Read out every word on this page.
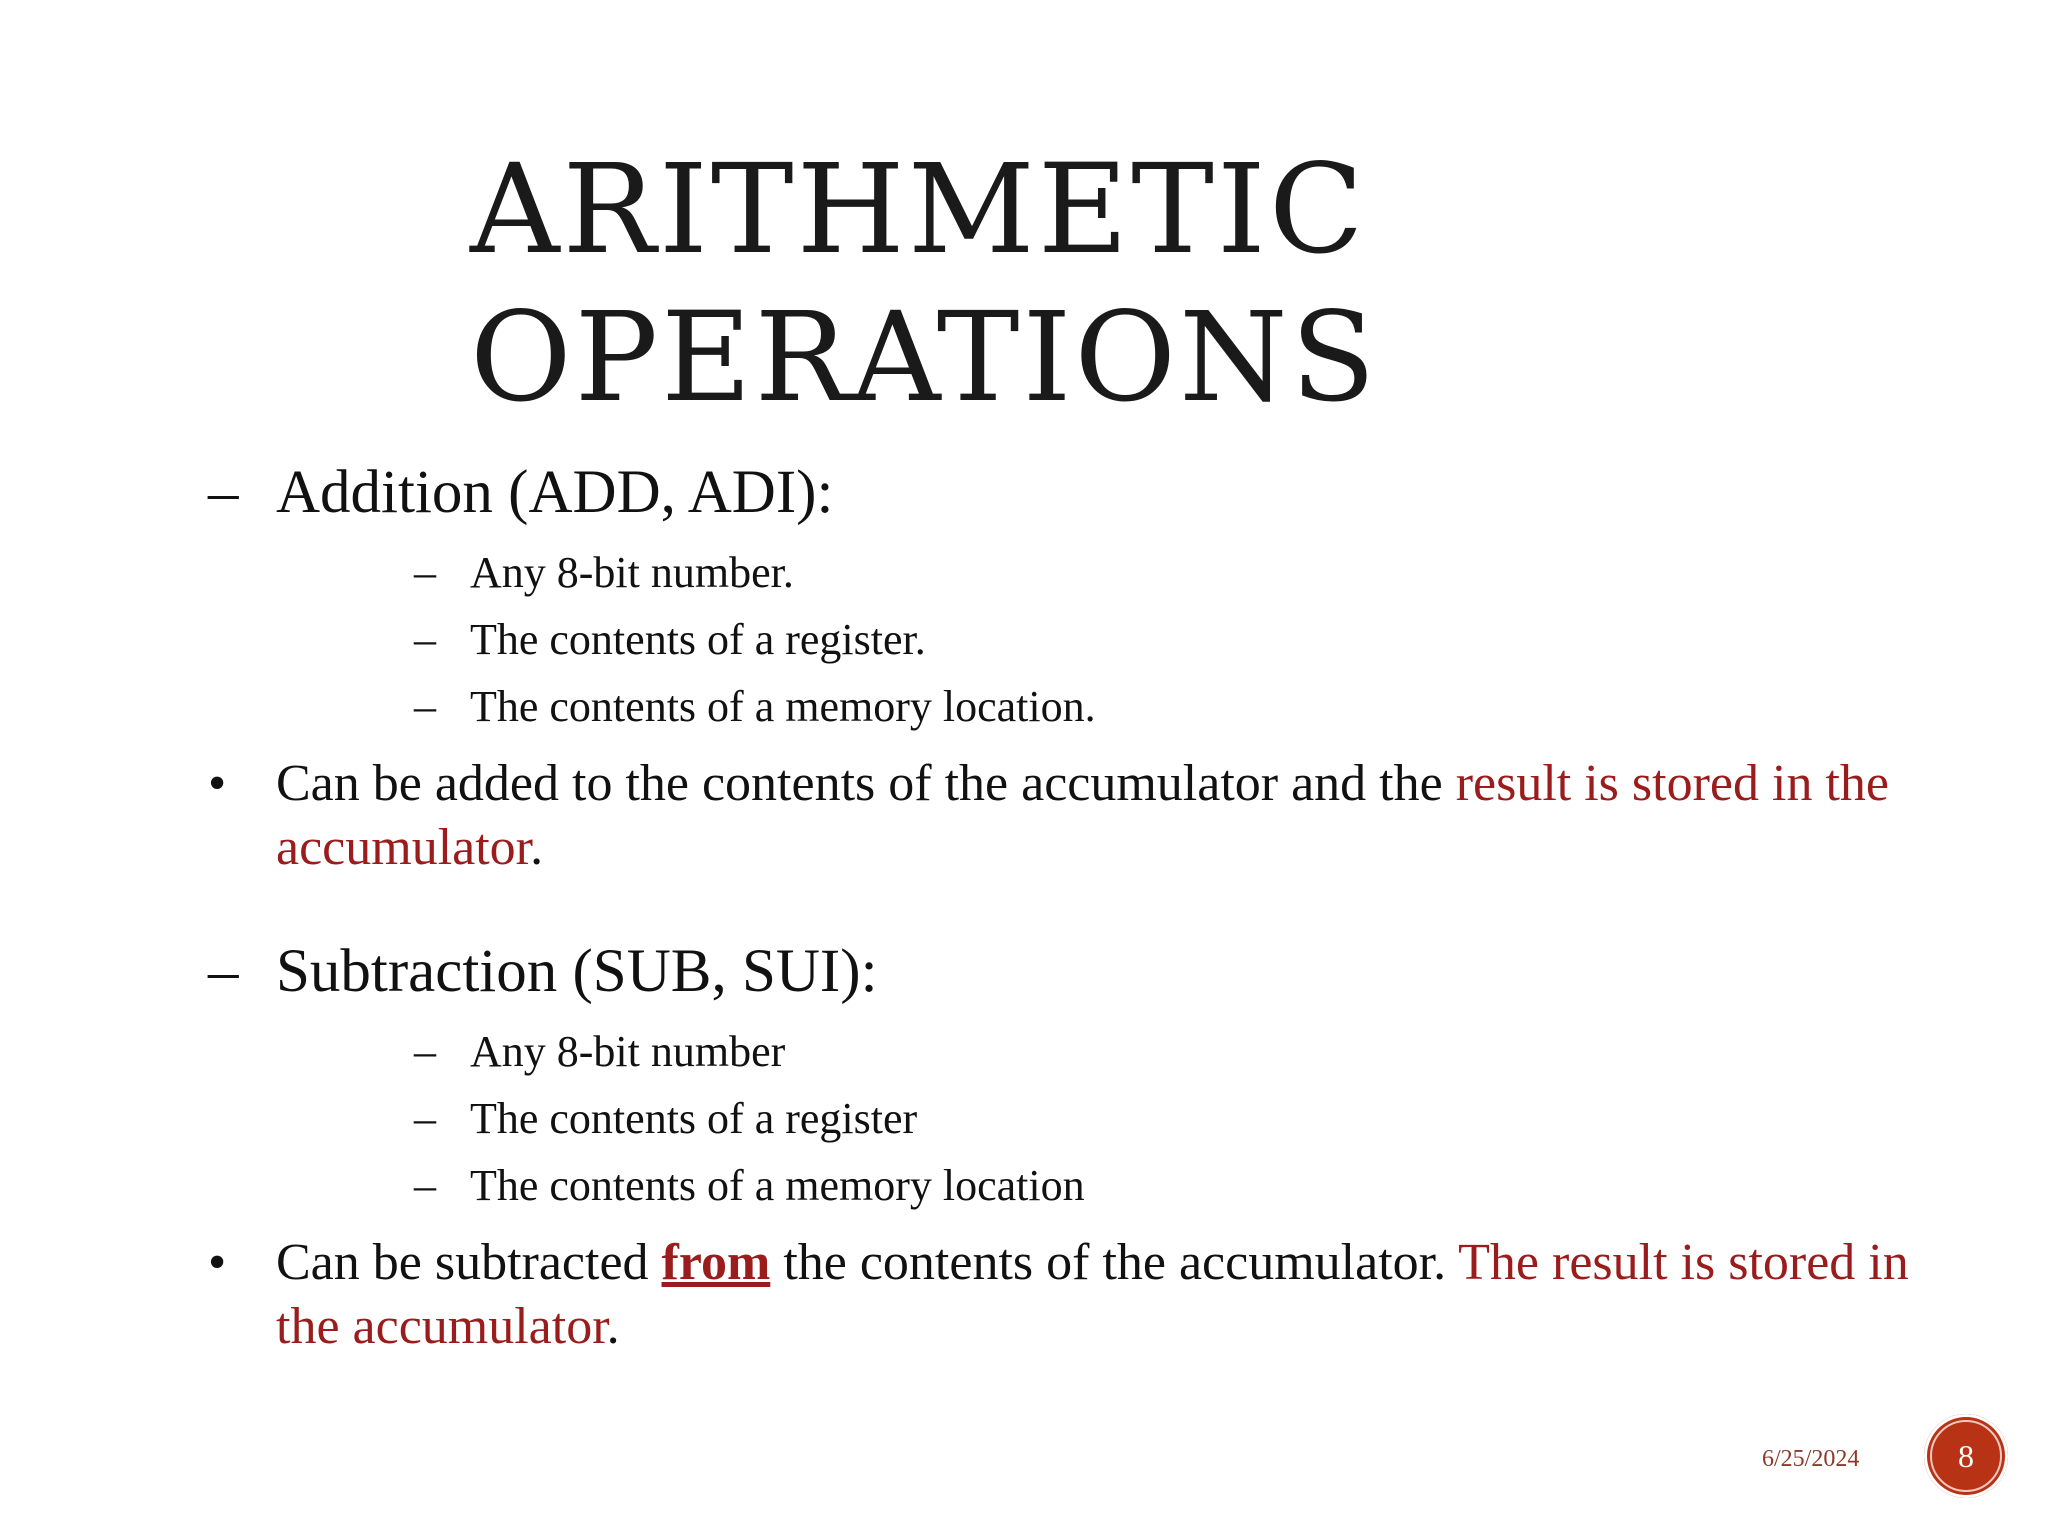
ARITHMETIC
OPERATIONS
– Addition (ADD, ADI):
– Any 8-bit number.
– The contents of a register.
– The contents of a memory location.
• Can be added to the contents of the accumulator and the result is stored in the accumulator.
– Subtraction (SUB, SUI):
– Any 8-bit number
– The contents of a register
– The contents of a memory location
• Can be subtracted from the contents of the accumulator. The result is stored in the accumulator.
6/25/2024	8
